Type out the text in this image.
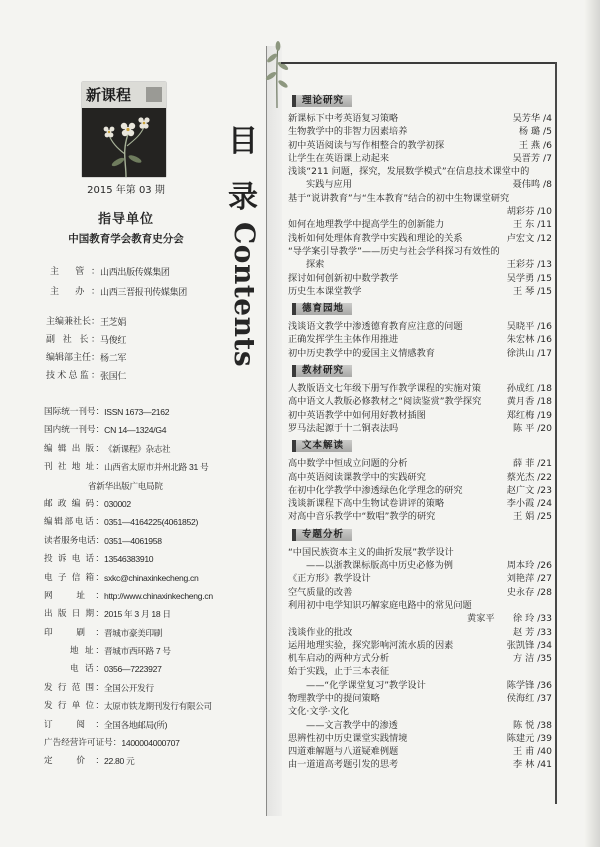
新课程
2015 年第 03 期
指导单位
中国教育学会教育史分会
主 管： 山西出版传媒集团
主 办： 山西三晋报刊传媒集团
主编兼社长： 王芝娟
副 社 长： 马俊红
编辑部主任： 杨二军
技术总监： 张国仁
国际统一刊号： ISSN 1673—2162
国内统一刊号： CN 14—1324/G4
编 辑 出 版： 《新课程》杂志社
刊 社 地 址： 山西省太原市并州北路 31 号
省新华出版广电局院
邮 政 编 码： 030002
编辑部电话： 0351—4164225(4061852)
读者服务电话： 0351—4061958
投 诉 电 话： 13546383910
电 子 信 箱： sxkc@chinaxinkecheng.cn
网 址： http://www.chinaxinkecheng.cn
出 版 日 期： 2015 年 3 月 18 日
印 刷： 晋城市豪美印刷
地 址： 晋城市西环路 7 号
电 话： 0356—7223927
发 行 范 围： 全国公开发行
发 行 单 位： 太原市铁龙期刊发行有限公司
订 阅： 全国各地邮局(所)
广告经营许可证号： 1400004000707
定 价： 22.80 元
目
录
Contents
理论研究
新课标下中考英语复习策略	吴芳华 /4
生物教学中的非智力因素培养	杨 璐 /5
初中英语阅读与写作相整合的教学初探	王 燕 /6
让学生在英语课上动起来	吴晋芳 /7
浅谈“211 问题，探究，发展数学模式”在信息技术课堂中的
实践与应用	聂伟鸣 /8
基于“说讲教育”与“生本教育”结合的初中生物课堂研究
胡彩芬 /10
如何在地理教学中提高学生的创新能力	王 东 /11
浅析如何处理体育教学中实践和理论的关系	卢宏文 /12
“导学案引导教学”——历史与社会学科探习有效性的
探索	王彩芬 /13
探讨如何创新初中数学教学	吴学勇 /15
历史生本课堂教学	王 琴 /15
德育园地
浅谈语文教学中渗透德育教育应注意的问题	吴晓平 /16
正确发挥学生主体作用推进	朱宏林 /16
初中历史教学中的爱国主义情感教育	徐洪山 /17
教材研究
人教版语文七年级下册写作教学课程的实施对策	孙成红 /18
高中语文人教版必修教材之“阅读鉴赏”教学探究	黄月香 /18
初中英语教学中如何用好教材插图	郑红梅 /19
罗马法起源于十二铜表法吗	陈 平 /20
文本解读
高中数学中恒成立问题的分析	薛 菲 /21
高中英语阅读课教学中的实践研究	蔡光杰 /22
在初中化学教学中渗透绿色化学理念的研究	赵广文 /23
浅谈新课程下高中生物试卷讲评的策略	李小霞 /24
对高中音乐教学中“数唱”教学的研究	王 娟 /25
专题分析
“中国民族资本主义的曲折发展”教学设计
——以浙教课标版高中历史必修为例	周本玲 /26
《正方形》教学设计	刘艳萍 /27
空气质量的改善	史永存 /28
利用初中电学知识巧解家庭电路中的常见问题
黄家平　　徐 玲 /33
浅谈作业的批改	赵 芳 /33
运用地理实验，探究影响河流水质的因素	张凯锋 /34
机车启动的两种方式分析	方 洁 /35
始于实践，止于三本表征
——“化学课堂复习”教学设计	陈学锋 /36
物理教学中的提问策略	侯海红 /37
文化·文学·文化
——文言教学中的渗透	陈 悦 /38
思辨性初中历史课堂实践情境	陈建元 /39
四道难解题与八道疑难例题	王 甫 /40
由一道道高考题引发的思考	李 林 /41
